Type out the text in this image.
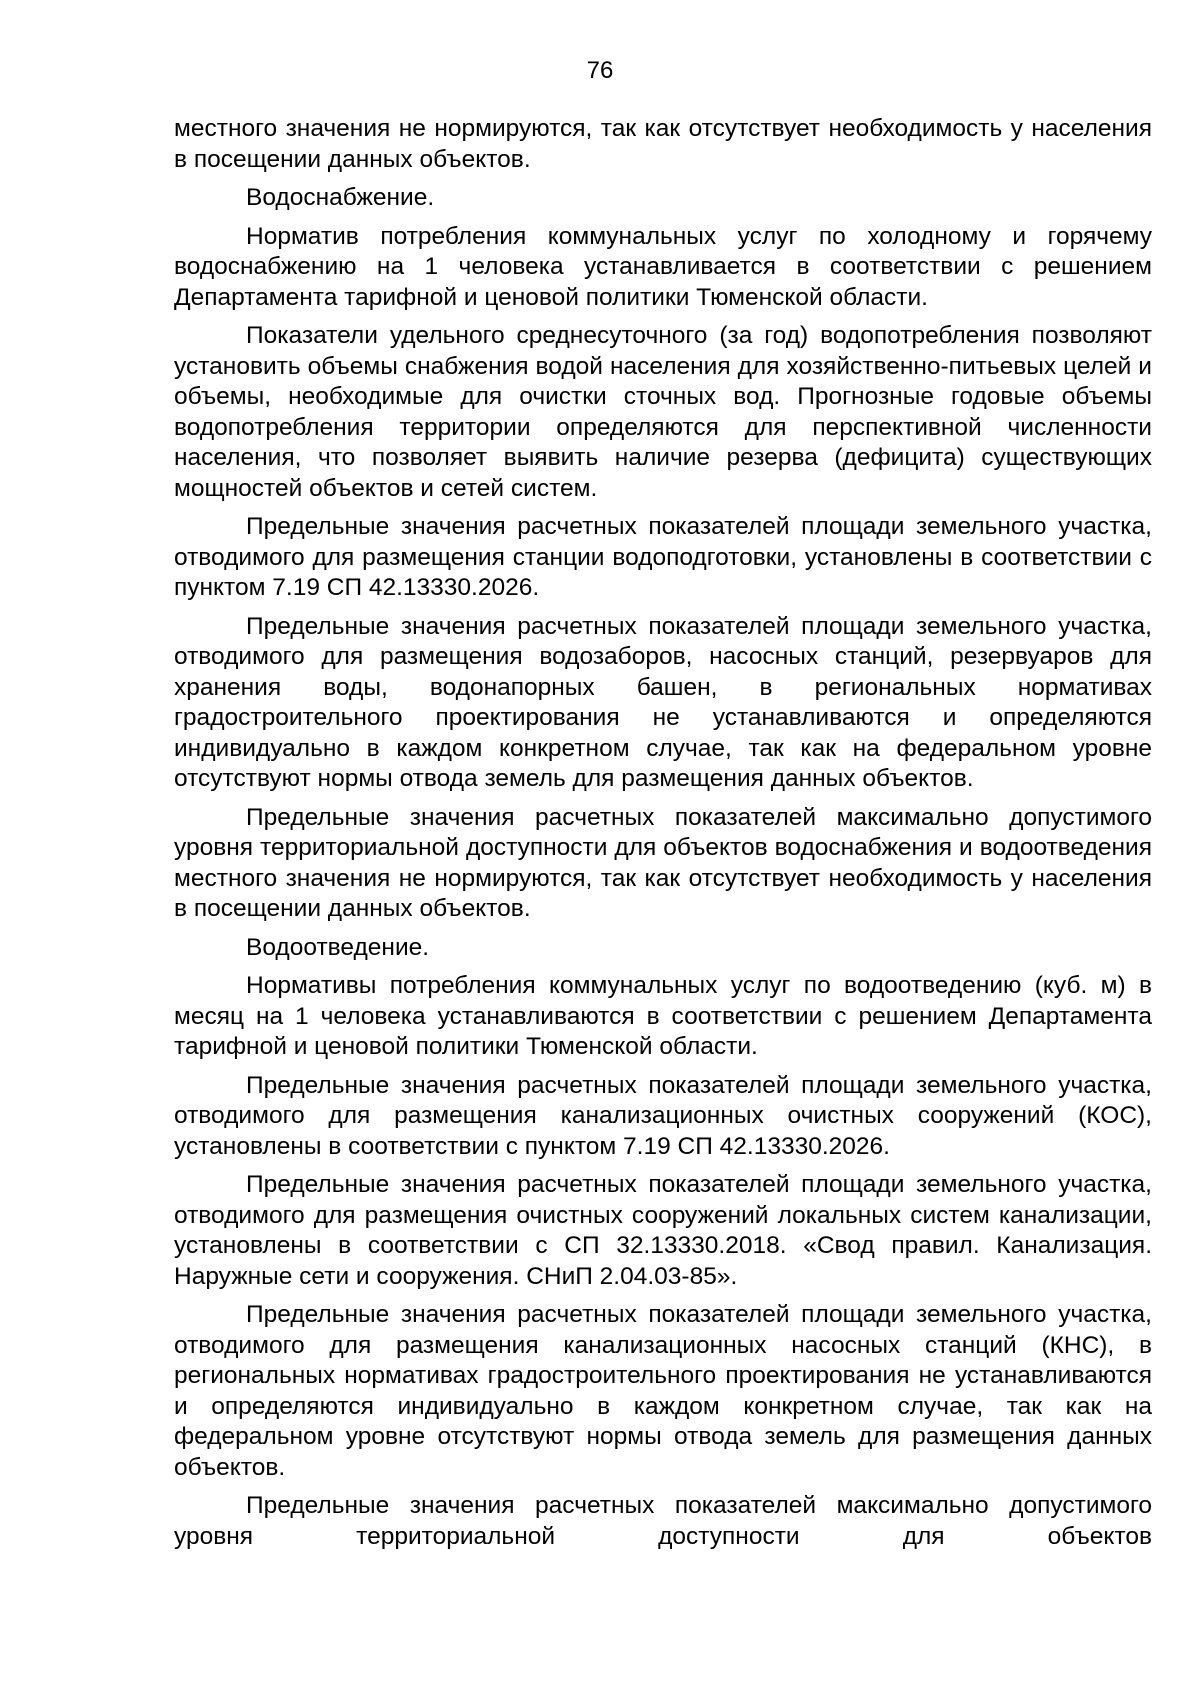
76

местного значения не нормируются, так как отсутствует необходимость у населения в посещении данных объектов.

Водоснабжение.

Норматив потребления коммунальных услуг по холодному и горячему водоснабжению на 1 человека устанавливается в соответствии с решением Департамента тарифной и ценовой политики Тюменской области.

Показатели удельного среднесуточного (за год) водопотребления позволяют установить объемы снабжения водой населения для хозяйственно-питьевых целей и объемы, необходимые для очистки сточных вод. Прогнозные годовые объемы водопотребления территории определяются для перспективной численности населения, что позволяет выявить наличие резерва (дефицита) существующих мощностей объектов и сетей систем.

Предельные значения расчетных показателей площади земельного участка, отводимого для размещения станции водоподготовки, установлены в соответствии с пунктом 7.19 СП 42.13330.2026.

Предельные значения расчетных показателей площади земельного участка, отводимого для размещения водозаборов, насосных станций, резервуаров для хранения воды, водонапорных башен, в региональных нормативах градостроительного проектирования не устанавливаются и определяются индивидуально в каждом конкретном случае, так как на федеральном уровне отсутствуют нормы отвода земель для размещения данных объектов.

Предельные значения расчетных показателей максимально допустимого уровня территориальной доступности для объектов водоснабжения и водоотведения местного значения не нормируются, так как отсутствует необходимость у населения в посещении данных объектов.

Водоотведение.

Нормативы потребления коммунальных услуг по водоотведению (куб. м) в месяц на 1 человека устанавливаются в соответствии с решением Департамента тарифной и ценовой политики Тюменской области.

Предельные значения расчетных показателей площади земельного участка, отводимого для размещения канализационных очистных сооружений (КОС), установлены в соответствии с пунктом 7.19 СП 42.13330.2026.

Предельные значения расчетных показателей площади земельного участка, отводимого для размещения очистных сооружений локальных систем канализации, установлены в соответствии с СП 32.13330.2018. «Свод правил. Канализация. Наружные сети и сооружения. СНиП 2.04.03-85».

Предельные значения расчетных показателей площади земельного участка, отводимого для размещения канализационных насосных станций (КНС), в региональных нормативах градостроительного проектирования не устанавливаются и определяются индивидуально в каждом конкретном случае, так как на федеральном уровне отсутствуют нормы отвода земель для размещения данных объектов.

Предельные значения расчетных показателей максимально допустимого уровня территориальной доступности для объектов
